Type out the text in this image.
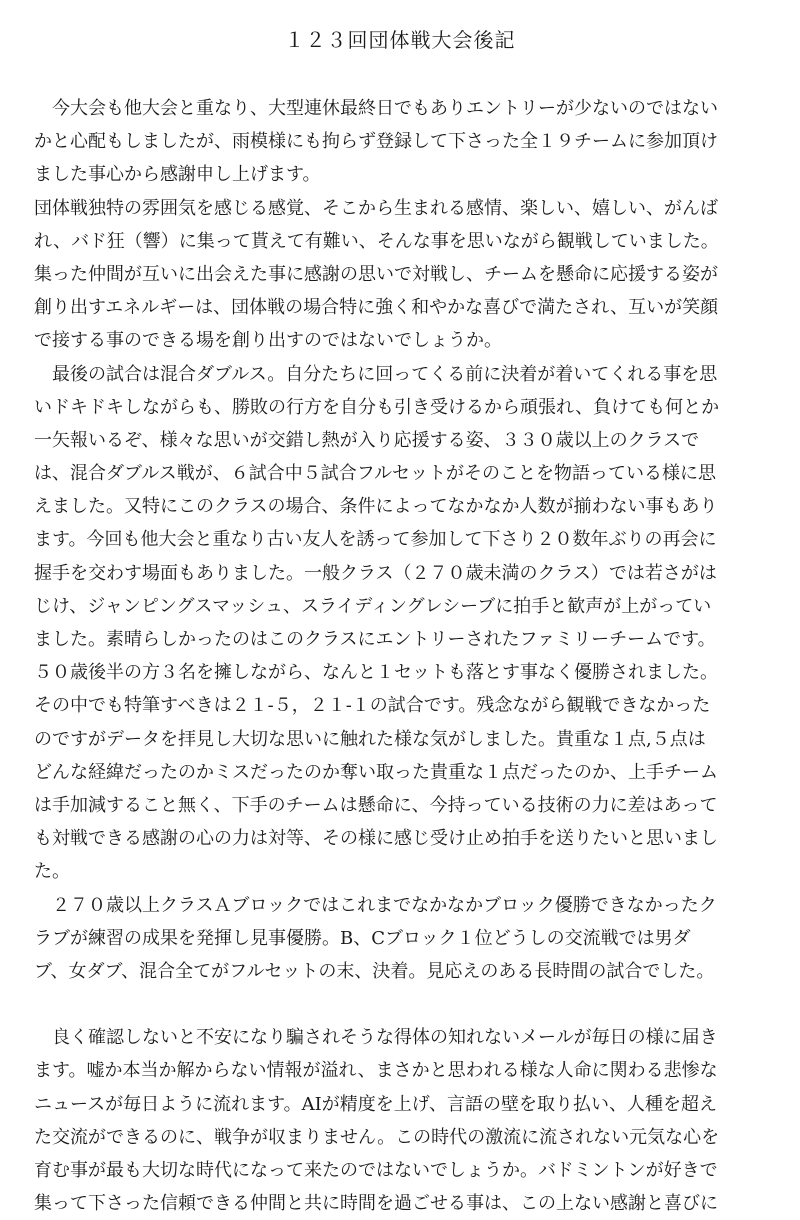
１２３回団体戦大会後記
　今大会も他大会と重なり、大型連休最終日でもありエントリーが少ないのではない
かと心配もしましたが、雨模様にも拘らず登録して下さった全１９チームに参加頂け
ました事心から感謝申し上げます。
団体戦独特の雰囲気を感じる感覚、そこから生まれる感情、楽しい、嬉しい、がんば
れ、バド狂（響）に集って貰えて有難い、そんな事を思いながら観戦していました。
集った仲間が互いに出会えた事に感謝の思いで対戦し、チームを懸命に応援する姿が
創り出すエネルギーは、団体戦の場合特に強く和やかな喜びで満たされ、互いが笑顔
で接する事のできる場を創り出すのではないでしょうか。
　最後の試合は混合ダブルス。自分たちに回ってくる前に決着が着いてくれる事を思
いドキドキしながらも、勝敗の行方を自分も引き受けるから頑張れ、負けても何とか
一矢報いるぞ、様々な思いが交錯し熱が入り応援する姿、３３０歳以上のクラスで
は、混合ダブルス戦が、６試合中５試合フルセットがそのことを物語っている様に思
えました。又特にこのクラスの場合、条件によってなかなか人数が揃わない事もあり
ます。今回も他大会と重なり古い友人を誘って参加して下さり２０数年ぶりの再会に
握手を交わす場面もありました。一般クラス（２７０歳未満のクラス）では若さがは
じけ、ジャンピングスマッシュ、スライディングレシーブに拍手と歓声が上がってい
ました。素晴らしかったのはこのクラスにエントリーされたファミリーチームです。
５０歳後半の方３名を擁しながら、なんと１セットも落とす事なく優勝されました。
その中でも特筆すべきは２１-５，２１-１の試合です。残念ながら観戦できなかった
のですがデータを拝見し大切な思いに触れた様な気がしました。貴重な１点,５点は
どんな経緯だったのかミスだったのか奪い取った貴重な１点だったのか、上手チーム
は手加減すること無く、下手のチームは懸命に、今持っている技術の力に差はあって
も対戦できる感謝の心の力は対等、その様に感じ受け止め拍手を送りたいと思いまし
た。
　２７０歳以上クラスＡブロックではこれまでなかなかブロック優勝できなかったク
ラブが練習の成果を発揮し見事優勝。B、Cブロック１位どうしの交流戦では男ダ
ブ、女ダブ、混合全てがフルセットの末、決着。見応えのある長時間の試合でした。
　良く確認しないと不安になり騙されそうな得体の知れないメールが毎日の様に届き
ます。嘘か本当か解からない情報が溢れ、まさかと思われる様な人命に関わる悲惨な
ニュースが毎日ように流れます。AIが精度を上げ、言語の壁を取り払い、人種を超え
た交流ができるのに、戦争が収まりません。この時代の激流に流されない元気な心を
育む事が最も大切な時代になって来たのではないでしょうか。バドミントンが好きで
集って下さった信頼できる仲間と共に時間を過ごせる事は、この上ない感謝と喜びに
